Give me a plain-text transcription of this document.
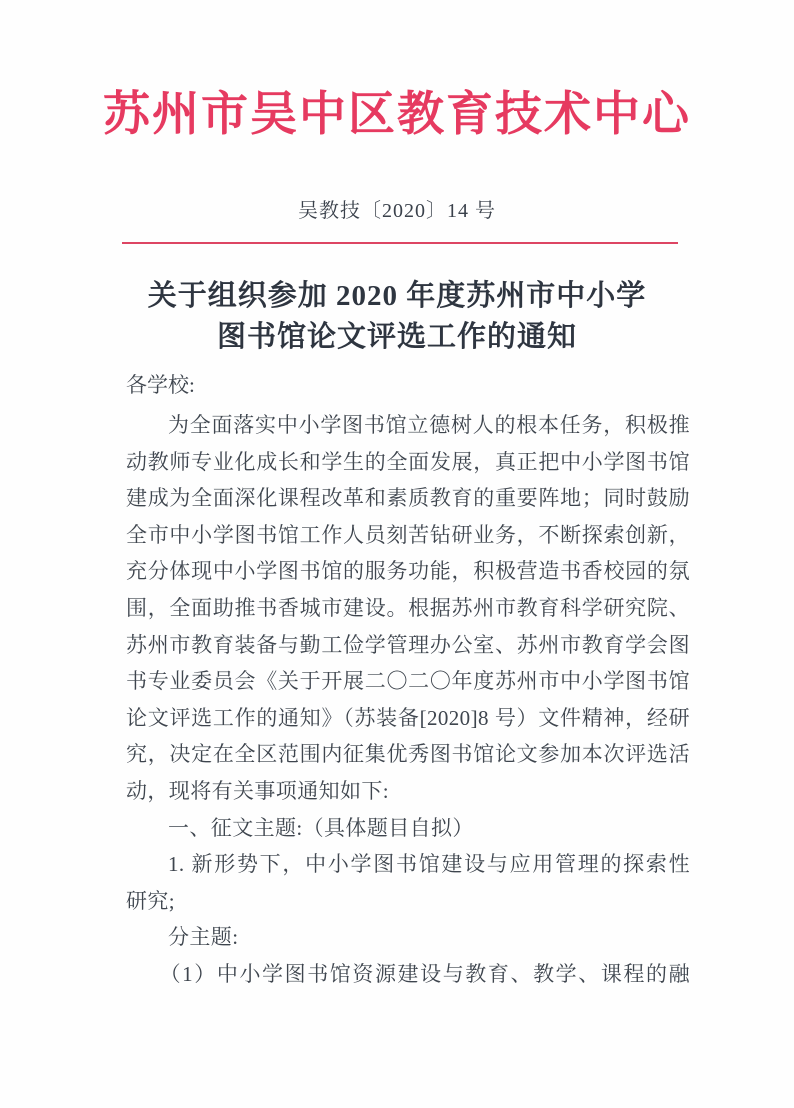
苏州市吴中区教育技术中心
吴教技〔2020〕14 号
关于组织参加 2020 年度苏州市中小学
图书馆论文评选工作的通知
各学校:
为全面落实中小学图书馆立德树人的根本任务，积极推
动教师专业化成长和学生的全面发展，真正把中小学图书馆
建成为全面深化课程改革和素质教育的重要阵地；同时鼓励
全市中小学图书馆工作人员刻苦钻研业务，不断探索创新，
充分体现中小学图书馆的服务功能，积极营造书香校园的氛
围，全面助推书香城市建设。根据苏州市教育科学研究院、
苏州市教育装备与勤工俭学管理办公室、苏州市教育学会图
书专业委员会《关于开展二〇二〇年度苏州市中小学图书馆
论文评选工作的通知》（苏装备[2020]8 号）文件精神，经研
究，决定在全区范围内征集优秀图书馆论文参加本次评选活
动，现将有关事项通知如下:
一、征文主题:（具体题目自拟）
1. 新形势下，中小学图书馆建设与应用管理的探索性
研究;
分主题:
（1）中小学图书馆资源建设与教育、教学、课程的融
